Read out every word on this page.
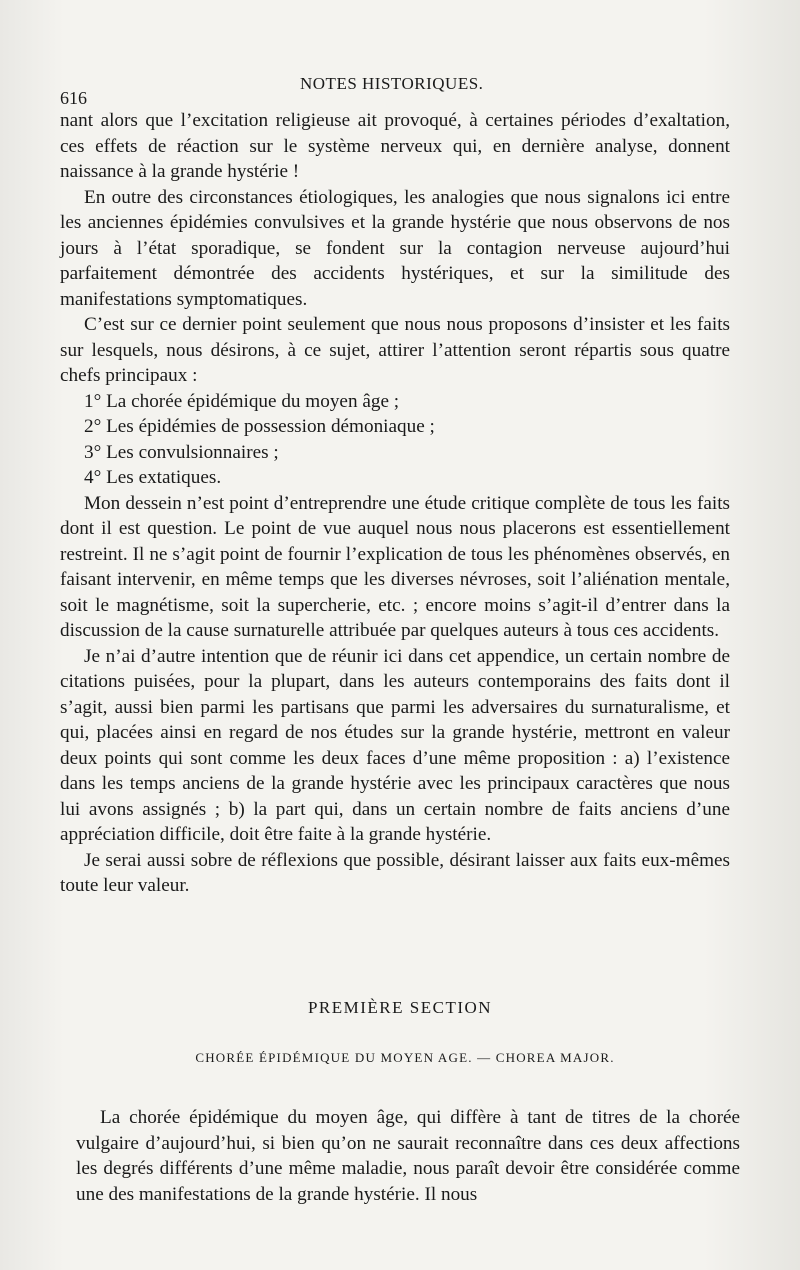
616
NOTES HISTORIQUES.

nant alors que l’excitation religieuse ait provoqué, à certaines périodes d’exaltation, ces effets de réaction sur le système nerveux qui, en dernière analyse, donnent naissance à la grande hystérie !

En outre des circonstances étiologiques, les analogies que nous signalons ici entre les anciennes épidémies convulsives et la grande hystérie que nous observons de nos jours à l’état sporadique, se fondent sur la contagion nerveuse aujourd’hui parfaitement démontrée des accidents hystériques, et sur la similitude des manifestations symptomatiques.

C’est sur ce dernier point seulement que nous nous proposons d’insister et les faits sur lesquels, nous désirons, à ce sujet, attirer l’attention seront répartis sous quatre chefs principaux :

1° La chorée épidémique du moyen âge ;

2° Les épidémies de possession démoniaque ;

3° Les convulsionnaires ;

4° Les extatiques.

Mon dessein n’est point d’entreprendre une étude critique complète de tous les faits dont il est question. Le point de vue auquel nous nous placerons est essentiellement restreint. Il ne s’agit point de fournir l’explication de tous les phénomènes observés, en faisant intervenir, en même temps que les diverses névroses, soit l’aliénation mentale, soit le magnétisme, soit la supercherie, etc. ; encore moins s’agit-il d’entrer dans la discussion de la cause surnaturelle attribuée par quelques auteurs à tous ces accidents.

Je n’ai d’autre intention que de réunir ici dans cet appendice, un certain nombre de citations puisées, pour la plupart, dans les auteurs contemporains des faits dont il s’agit, aussi bien parmi les partisans que parmi les adversaires du surnaturalisme, et qui, placées ainsi en regard de nos études sur la grande hystérie, mettront en valeur deux points qui sont comme les deux faces d’une même proposition : a) l’existence dans les temps anciens de la grande hystérie avec les principaux caractères que nous lui avons assignés ; b) la part qui, dans un certain nombre de faits anciens d’une appréciation difficile, doit être faite à la grande hystérie.

Je serai aussi sobre de réflexions que possible, désirant laisser aux faits eux-mêmes toute leur valeur.

PREMIÈRE SECTION
CHORÉE ÉPIDÉMIQUE DU MOYEN AGE. — CHOREA MAJOR.

La chorée épidémique du moyen âge, qui diffère à tant de titres de la chorée vulgaire d’aujourd’hui, si bien qu’on ne saurait reconnaître dans ces deux affections les degrés différents d’une même maladie, nous paraît devoir être considérée comme une des manifestations de la grande hystérie. Il nous
